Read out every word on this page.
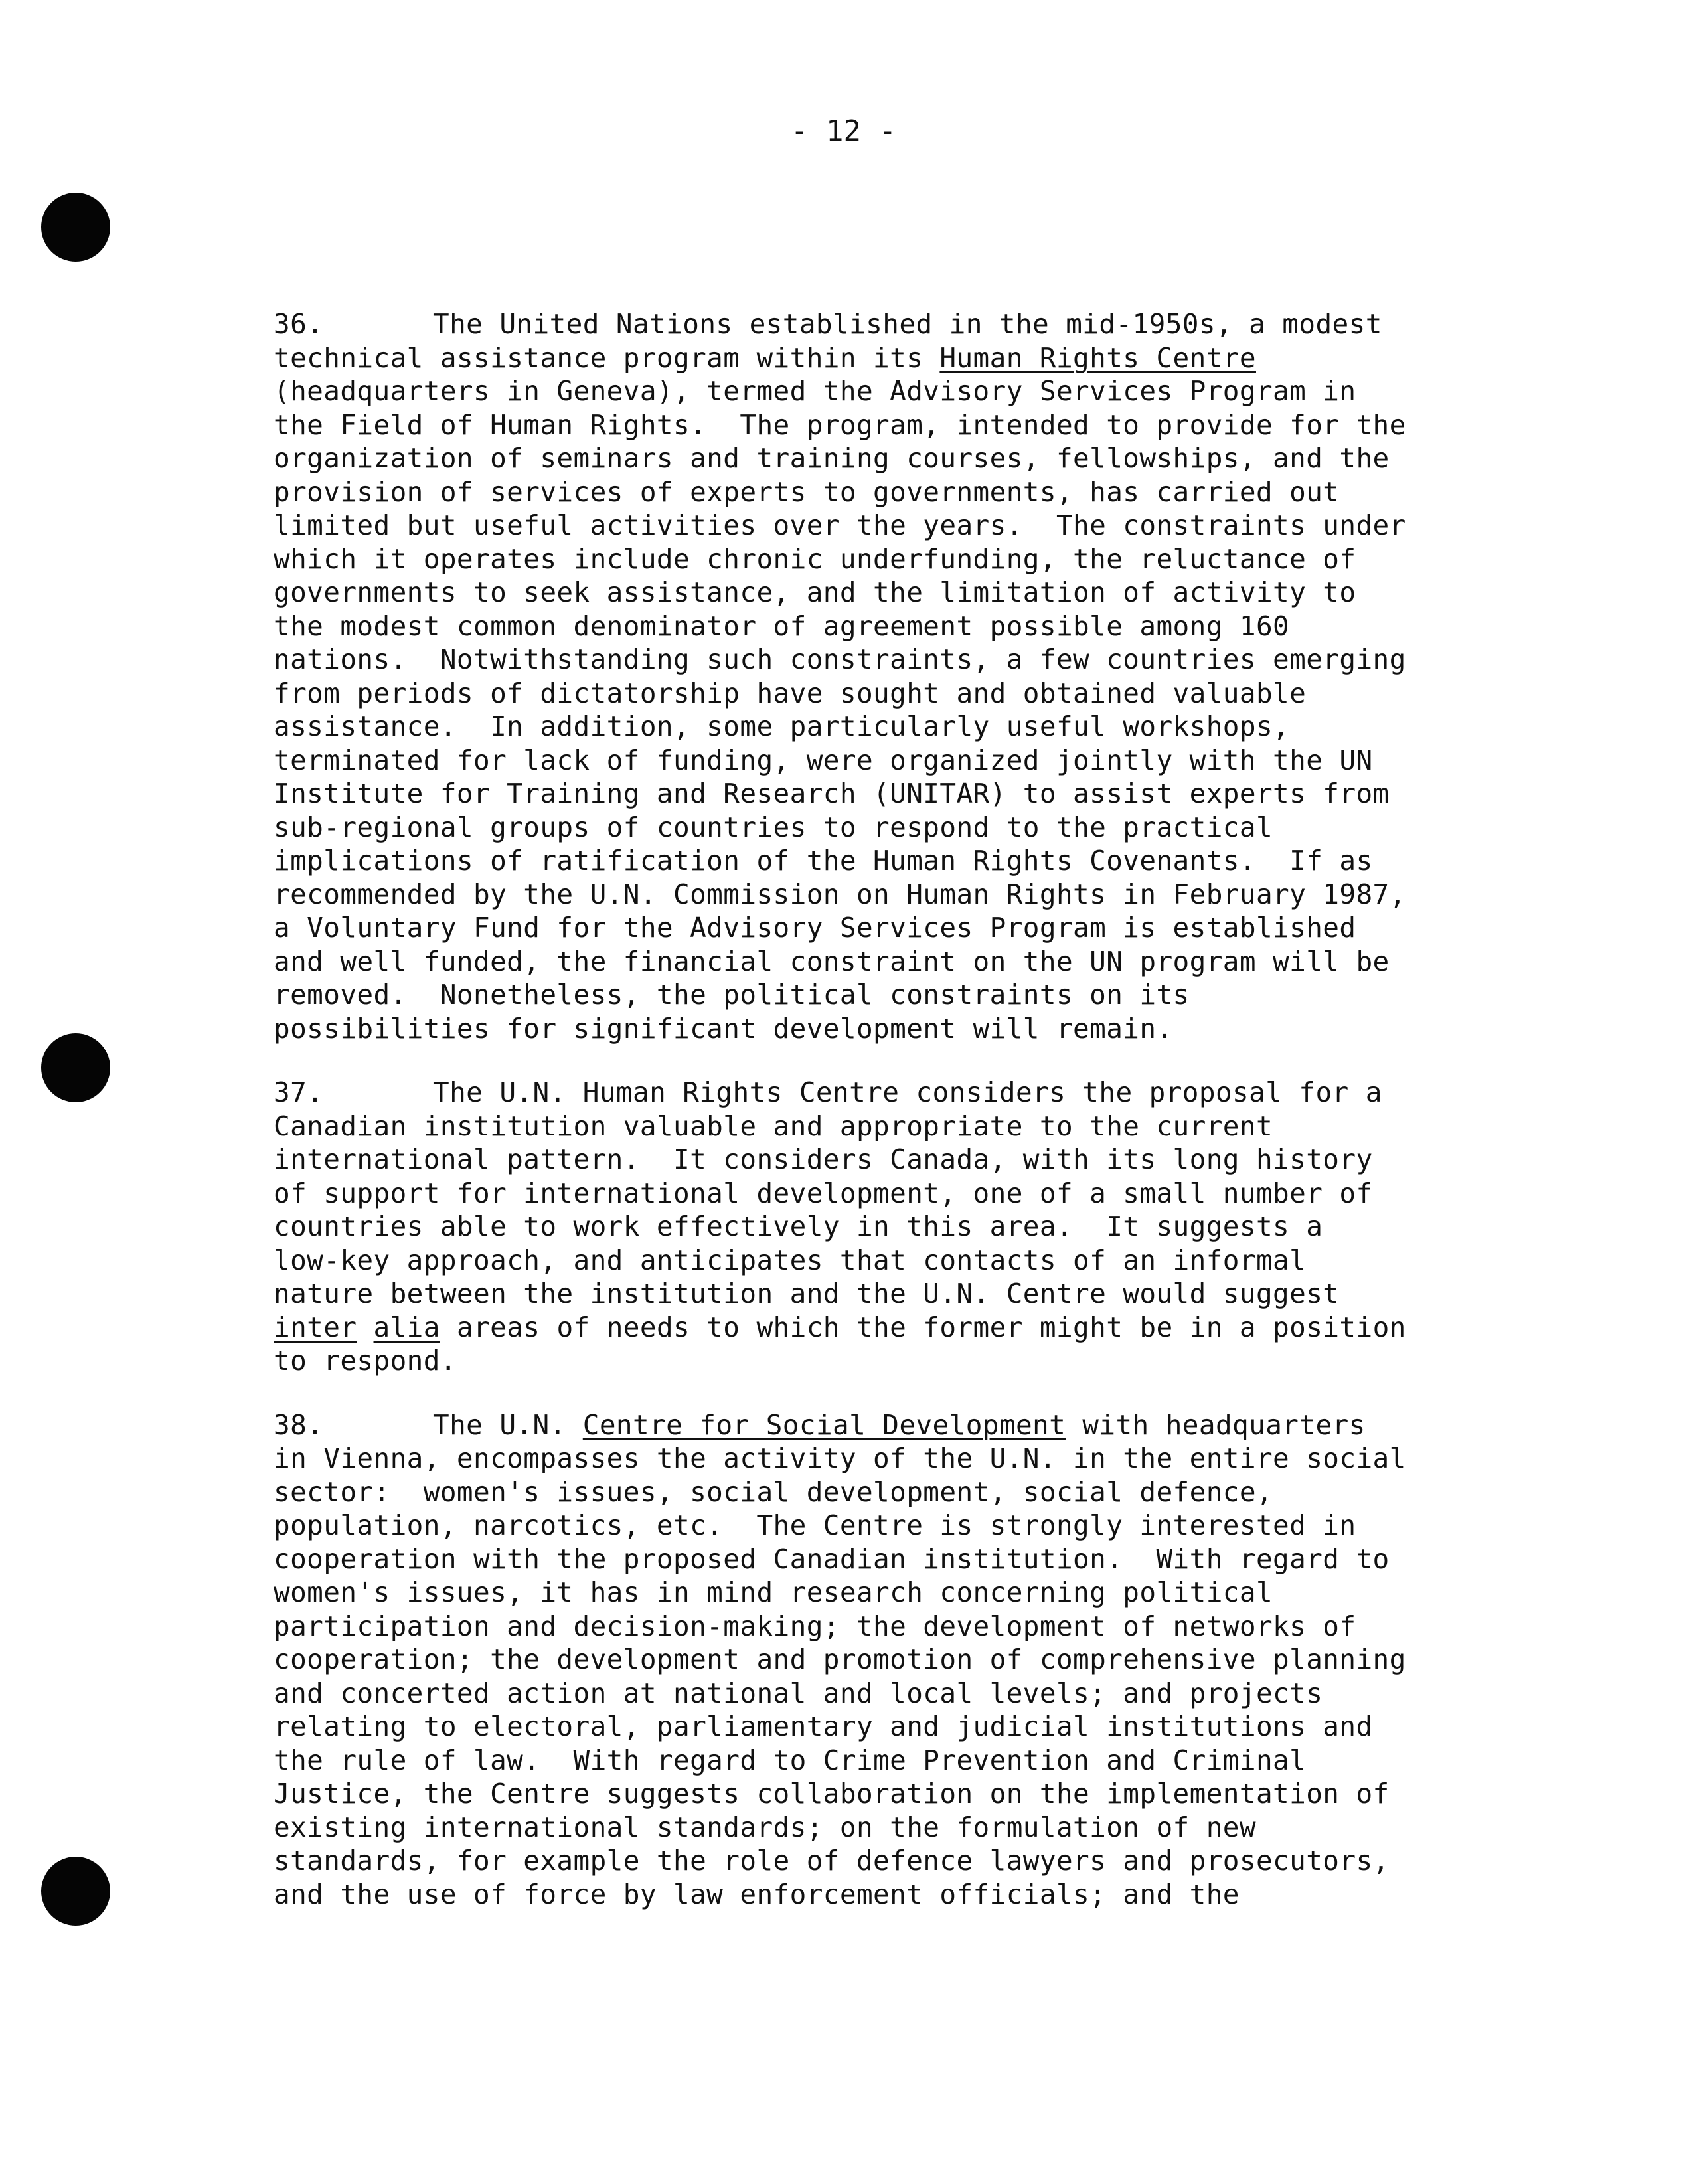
- 12 -
36.	The United Nations established in the mid-1950s, a modest
technical assistance program within its Human Rights Centre
(headquarters in Geneva), termed the Advisory Services Program in
the Field of Human Rights.  The program, intended to provide for the
organization of seminars and training courses, fellowships, and the
provision of services of experts to governments, has carried out
limited but useful activities over the years.  The constraints under
which it operates include chronic underfunding, the reluctance of
governments to seek assistance, and the limitation of activity to
the modest common denominator of agreement possible among 160
nations.  Notwithstanding such constraints, a few countries emerging
from periods of dictatorship have sought and obtained valuable
assistance.  In addition, some particularly useful workshops,
terminated for lack of funding, were organized jointly with the UN
Institute for Training and Research (UNITAR) to assist experts from
sub-regional groups of countries to respond to the practical
implications of ratification of the Human Rights Covenants.  If as
recommended by the U.N. Commission on Human Rights in February 1987,
a Voluntary Fund for the Advisory Services Program is established
and well funded, the financial constraint on the UN program will be
removed.  Nonetheless, the political constraints on its
possibilities for significant development will remain.
37.	The U.N. Human Rights Centre considers the proposal for a
Canadian institution valuable and appropriate to the current
international pattern.  It considers Canada, with its long history
of support for international development, one of a small number of
countries able to work effectively in this area.  It suggests a
low-key approach, and anticipates that contacts of an informal
nature between the institution and the U.N. Centre would suggest
inter alia areas of needs to which the former might be in a position
to respond.
38.	The U.N. Centre for Social Development with headquarters
in Vienna, encompasses the activity of the U.N. in the entire social
sector:  women's issues, social development, social defence,
population, narcotics, etc.  The Centre is strongly interested in
cooperation with the proposed Canadian institution.  With regard to
women's issues, it has in mind research concerning political
participation and decision-making; the development of networks of
cooperation; the development and promotion of comprehensive planning
and concerted action at national and local levels; and projects
relating to electoral, parliamentary and judicial institutions and
the rule of law.  With regard to Crime Prevention and Criminal
Justice, the Centre suggests collaboration on the implementation of
existing international standards; on the formulation of new
standards, for example the role of defence lawyers and prosecutors,
and the use of force by law enforcement officials; and the
